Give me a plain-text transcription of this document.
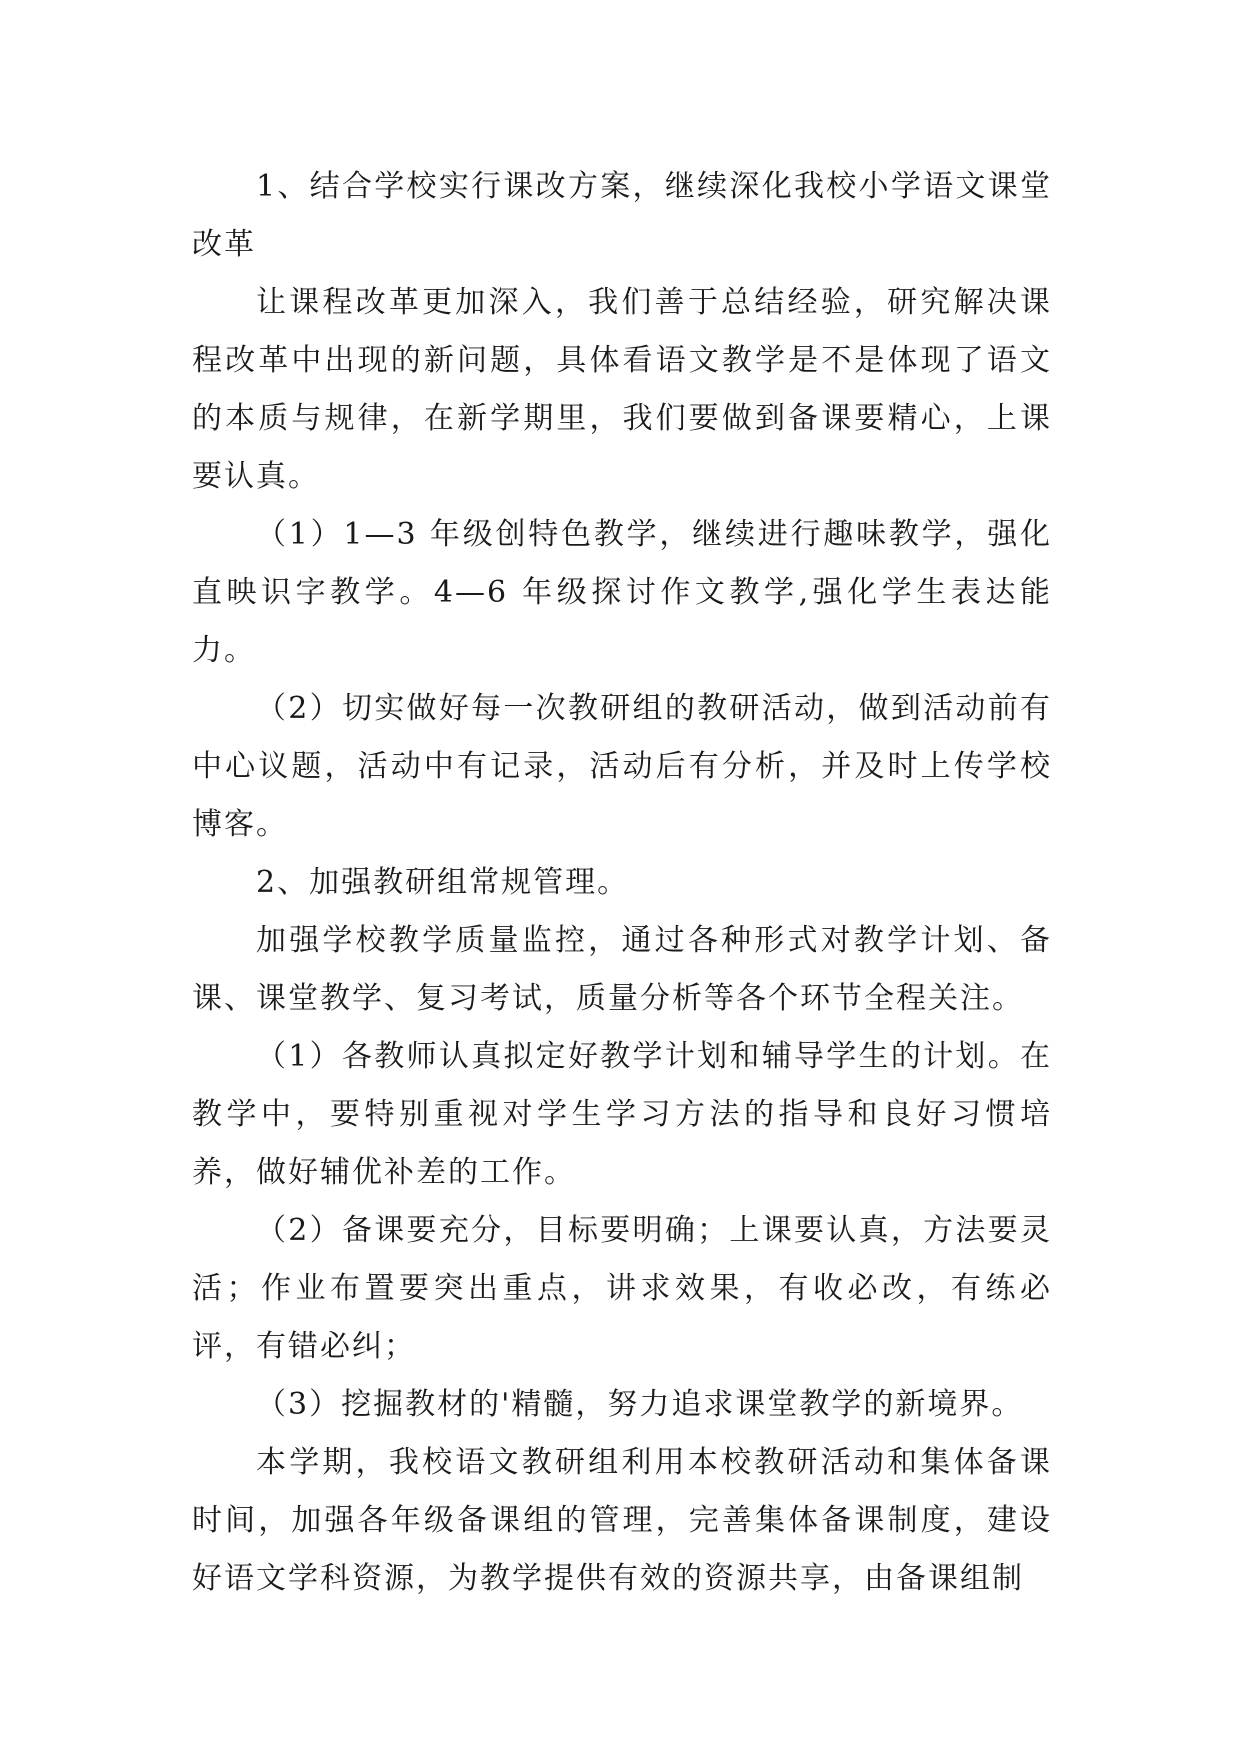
1、结合学校实行课改方案，继续深化我校小学语文课堂改革

让课程改革更加深入，我们善于总结经验，研究解决课程改革中出现的新问题，具体看语文教学是不是体现了语文的本质与规律，在新学期里，我们要做到备课要精心，上课要认真。

（1）1—3 年级创特色教学，继续进行趣味教学，强化直映识字教学。4—6 年级探讨作文教学,强化学生表达能力。

（2）切实做好每一次教研组的教研活动，做到活动前有中心议题，活动中有记录，活动后有分析，并及时上传学校博客。

2、加强教研组常规管理。

加强学校教学质量监控，通过各种形式对教学计划、备课、课堂教学、复习考试，质量分析等各个环节全程关注。

（1）各教师认真拟定好教学计划和辅导学生的计划。在教学中，要特别重视对学生学习方法的指导和良好习惯培养，做好辅优补差的工作。

（2）备课要充分，目标要明确；上课要认真，方法要灵活；作业布置要突出重点，讲求效果，有收必改，有练必评，有错必纠；

（3）挖掘教材的'精髓，努力追求课堂教学的新境界。

本学期，我校语文教研组利用本校教研活动和集体备课时间，加强各年级备课组的管理，完善集体备课制度，建设好语文学科资源，为教学提供有效的资源共享，由备课组制
